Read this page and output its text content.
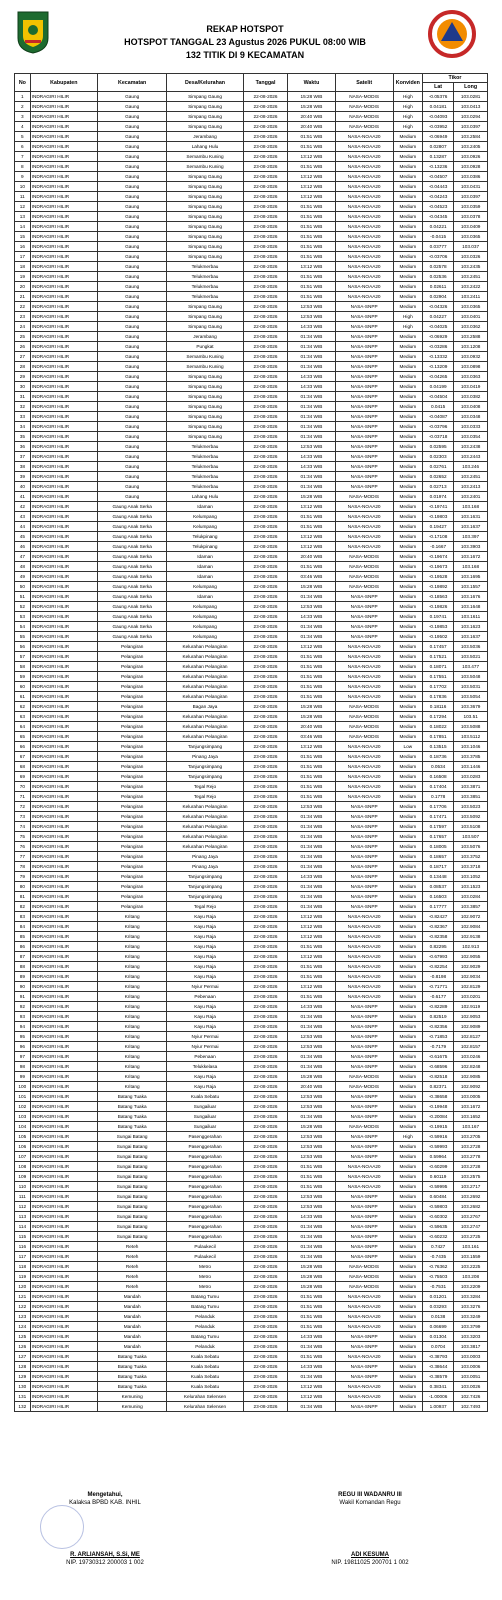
REKAP HOTSPOT
HOTSPOT TANGGAL 23 Agustus 2026 PUKUL 08:00 WIB
132 TITIK DI 9 KECAMATAN
No	Kabupaten	Kecamatan	Desa/Kelurahan	Tanggal	Waktu	Satelit	Konviden	Tikor	
								Lat	Long
1	INDRAGIRI HILIR	Gaung	Simpang Gaung	22-08-2026	15:28 WIB	NASA-MODIS	High	-0.05376	103.0281
2	INDRAGIRI HILIR	Gaung	Simpang Gaung	22-08-2026	15:28 WIB	NASA-MODIS	High	0.04181	103.0413
3	INDRAGIRI HILIR	Gaung	Simpang Gaung	22-08-2026	20:40 WIB	NASA-MODIS	High	-0.04093	103.0294
4	INDRAGIRI HILIR	Gaung	Simpang Gaung	22-08-2026	20:40 WIB	NASA-MODIS	High	-0.03952	103.0397
5	INDRAGIRI HILIR	Gaung	Jerambang	23-08-2026	01:51 WIB	NASA-NOAA20	Medium	-0.06949	103.2584
6	INDRAGIRI HILIR	Gaung	Lahang Hulu	23-08-2026	01:51 WIB	NASA-NOAA20	Medium	0.02807	103.2405
7	INDRAGIRI HILIR	Gaung	Semambu Kuning	22-08-2026	13:12 WIB	NASA-NOAA20	Medium	0.13287	103.0926
8	INDRAGIRI HILIR	Gaung	Semambu Kuning	23-08-2026	01:51 WIB	NASA-NOAA20	Medium	-0.13236	103.0928
9	INDRAGIRI HILIR	Gaung	Simpang Gaung	22-08-2026	13:12 WIB	NASA-NOAA20	Medium	-0.04507	103.0386
10	INDRAGIRI HILIR	Gaung	Simpang Gaung	22-08-2026	13:12 WIB	NASA-NOAA20	Medium	-0.04443	103.0431
11	INDRAGIRI HILIR	Gaung	Simpang Gaung	22-08-2026	13:12 WIB	NASA-NOAA20	Medium	-0.04243	103.0397
12	INDRAGIRI HILIR	Gaung	Simpang Gaung	23-08-2026	01:51 WIB	NASA-NOAA20	Medium	-0.04523	103.0359
13	INDRAGIRI HILIR	Gaung	Simpang Gaung	23-08-2026	01:51 WIB	NASA-NOAA20	Medium	-0.04345	103.0378
14	INDRAGIRI HILIR	Gaung	Simpang Gaung	23-08-2026	01:51 WIB	NASA-NOAA20	Medium	0.04221	103.0409
15	INDRAGIRI HILIR	Gaung	Simpang Gaung	23-08-2026	01:51 WIB	NASA-NOAA20	Medium	-0.0415	103.0365
16	INDRAGIRI HILIR	Gaung	Simpang Gaung	23-08-2026	01:51 WIB	NASA-NOAA20	Medium	0.03777	103.037
17	INDRAGIRI HILIR	Gaung	Simpang Gaung	23-08-2026	01:51 WIB	NASA-NOAA20	Medium	-0.03706	103.0326
18	INDRAGIRI HILIR	Gaung	Telukmerbau	22-08-2026	13:12 WIB	NASA-NOAA20	Medium	0.02578	103.2435
19	INDRAGIRI HILIR	Gaung	Telukmerbau	23-08-2026	01:51 WIB	NASA-NOAA20	Medium	0.02536	103.2451
20	INDRAGIRI HILIR	Gaung	Telukmerbau	23-08-2026	01:51 WIB	NASA-NOAA20	Medium	0.02611	103.2422
21	INDRAGIRI HILIR	Gaung	Telukmerbau	23-08-2026	01:51 WIB	NASA-NOAA20	Medium	0.02904	103.2411
22	INDRAGIRI HILIR	Gaung	Simpang Gaung	22-08-2026	12:53 WIB	NASA-SNPP	Medium	-0.04326	103.0365
23	INDRAGIRI HILIR	Gaung	Simpang Gaung	22-08-2026	12:53 WIB	NASA-SNPP	High	0.04227	103.0401
24	INDRAGIRI HILIR	Gaung	Simpang Gaung	22-08-2026	14:33 WIB	NASA-SNPP	High	-0.04025	103.0362
25	INDRAGIRI HILIR	Gaung	Jerambang	23-08-2026	01:34 WIB	NASA-SNPP	Medium	-0.06929	103.2588
26	INDRAGIRI HILIR	Gaung	Pungkat	23-08-2026	01:34 WIB	NASA-SNPP	Medium	-0.03286	103.1208
27	INDRAGIRI HILIR	Gaung	Semambu Kuning	23-08-2026	01:34 WIB	NASA-SNPP	Medium	-0.13332	103.0932
28	INDRAGIRI HILIR	Gaung	Semambu Kuning	23-08-2026	01:34 WIB	NASA-SNPP	Medium	-0.13209	103.0898
29	INDRAGIRI HILIR	Gaung	Simpang Gaung	22-08-2026	14:33 WIB	NASA-SNPP	Medium	-0.04265	103.0363
30	INDRAGIRI HILIR	Gaung	Simpang Gaung	22-08-2026	14:33 WIB	NASA-SNPP	Medium	0.04199	103.0419
31	INDRAGIRI HILIR	Gaung	Simpang Gaung	23-08-2026	01:34 WIB	NASA-SNPP	Medium	-0.04504	103.0382
32	INDRAGIRI HILIR	Gaung	Simpang Gaung	23-08-2026	01:34 WIB	NASA-SNPP	Medium	0.0415	103.0408
33	INDRAGIRI HILIR	Gaung	Simpang Gaung	23-08-2026	01:34 WIB	NASA-SNPP	Medium	-0.04087	103.0348
34	INDRAGIRI HILIR	Gaung	Simpang Gaung	23-08-2026	01:34 WIB	NASA-SNPP	Medium	-0.03796	103.0333
35	INDRAGIRI HILIR	Gaung	Simpang Gaung	23-08-2026	01:34 WIB	NASA-SNPP	Medium	-0.03718	103.0354
36	INDRAGIRI HILIR	Gaung	Telukmerbau	22-08-2026	12:53 WIB	NASA-SNPP	Medium	0.02595	103.2438
37	INDRAGIRI HILIR	Gaung	Telukmerbau	22-08-2026	14:33 WIB	NASA-SNPP	Medium	0.02303	103.2443
38	INDRAGIRI HILIR	Gaung	Telukmerbau	22-08-2026	14:33 WIB	NASA-SNPP	Medium	0.02761	103.246
39	INDRAGIRI HILIR	Gaung	Telukmerbau	23-08-2026	01:34 WIB	NASA-SNPP	Medium	0.02652	103.2451
40	INDRAGIRI HILIR	Gaung	Telukmerbau	23-08-2026	01:34 WIB	NASA-SNPP	Medium	0.02713	103.2413
41	INDRAGIRI HILIR	Gaung	Lahang Hulu	22-08-2026	15:28 WIB	NASA-MODIS	Medium	0.01974	103.2401
42	INDRAGIRI HILIR	Gaung Anak Serka	Idaman	22-08-2026	13:12 WIB	NASA-NOAA20	Medium	-0.19741	103.168
43	INDRAGIRI HILIR	Gaung Anak Serka	Kelumpang	23-08-2026	01:51 WIB	NASA-NOAA20	Medium	-0.19803	103.1631
44	INDRAGIRI HILIR	Gaung Anak Serka	Kelumpang	23-08-2026	01:51 WIB	NASA-NOAA20	Medium	0.19427	103.1637
45	INDRAGIRI HILIR	Gaung Anak Serka	Telukpinang	23-08-2026	13:12 WIB	NASA-NOAA20	Medium	-0.17108	103.397
46	INDRAGIRI HILIR	Gaung Anak Serka	Telukpinang	22-08-2026	13:12 WIB	NASA-NOAA20	Medium	-0.1667	103.3903
47	INDRAGIRI HILIR	Gaung Anak Serka	Idaman	22-08-2026	20:40 WIB	NASA-MODIS	Medium	-0.19674	103.1672
48	INDRAGIRI HILIR	Gaung Anak Serka	Idaman	23-08-2026	01:51 WIB	NASA-MODIS	Medium	-0.19673	103.168
49	INDRAGIRI HILIR	Gaung Anak Serka	Idaman	23-08-2026	03:46 WIB	NASA-MODIS	Medium	-0.19528	103.1695
50	INDRAGIRI HILIR	Gaung Anak Serka	Kelumpang	22-08-2026	15:28 WIB	NASA-MODIS	Medium	-0.19892	103.1557
51	INDRAGIRI HILIR	Gaung Anak Serka	Idaman	23-08-2026	01:34 WIB	NASA-SNPP	Medium	-0.18563	103.1676
52	INDRAGIRI HILIR	Gaung Anak Serka	Kelumpang	22-08-2026	12:53 WIB	NASA-SNPP	Medium	-0.19826	103.1648
53	INDRAGIRI HILIR	Gaung Anak Serka	Kelumpang	22-08-2026	14:33 WIB	NASA-SNPP	Medium	0.19741	103.1611
54	INDRAGIRI HILIR	Gaung Anak Serka	Kelumpang	23-08-2026	01:34 WIB	NASA-SNPP	Medium	-0.19853	103.1623
55	INDRAGIRI HILIR	Gaung Anak Serka	Kelumpang	23-08-2026	01:34 WIB	NASA-SNPP	Medium	-0.19502	103.1637
56	INDRAGIRI HILIR	Pelangiran	Kelurahan Pelangiran	22-08-2026	13:12 WIB	NASA-NOAA20	Medium	0.17457	103.5036
57	INDRAGIRI HILIR	Pelangiran	Kelurahan Pelangiran	23-08-2026	01:51 WIB	NASA-NOAA20	Medium	0.17521	103.5021
58	INDRAGIRI HILIR	Pelangiran	Kelurahan Pelangiran	23-08-2026	01:51 WIB	NASA-NOAA20	Medium	0.18071	103.477
59	INDRAGIRI HILIR	Pelangiran	Kelurahan Pelangiran	23-08-2026	01:51 WIB	NASA-NOAA20	Medium	0.17551	103.5048
60	INDRAGIRI HILIR	Pelangiran	Kelurahan Pelangiran	23-08-2026	01:51 WIB	NASA-NOAA20	Medium	0.17702	103.5031
61	INDRAGIRI HILIR	Pelangiran	Kelurahan Pelangiran	23-08-2026	01:51 WIB	NASA-NOAA20	Medium	0.17836	103.5054
62	INDRAGIRI HILIR	Pelangiran	Bagan Jaya	22-08-2026	15:28 WIB	NASA-MODIS	Medium	0.18116	103.3679
63	INDRAGIRI HILIR	Pelangiran	Kelurahan Pelangiran	22-08-2026	15:28 WIB	NASA-MODIS	Medium	0.17294	103.51
64	INDRAGIRI HILIR	Pelangiran	Kelurahan Pelangiran	22-08-2026	20:40 WIB	NASA-MODIS	Medium	0.18022	103.5088
65	INDRAGIRI HILIR	Pelangiran	Kelurahan Pelangiran	22-08-2026	03:46 WIB	NASA-MODIS	Medium	0.17851	103.5112
66	INDRAGIRI HILIR	Pelangiran	Tanjungsimpang	22-08-2026	13:12 WIB	NASA-NOAA20	Low	0.13515	103.1046
67	INDRAGIRI HILIR	Pelangiran	Pinang Jaya	23-08-2026	01:51 WIB	NASA-NOAA20	Medium	0.18736	103.3785
68	INDRAGIRI HILIR	Pelangiran	Tanjungsimpang	23-08-2026	01:51 WIB	NASA-NOAA20	Medium	0.0534	103.1446
69	INDRAGIRI HILIR	Pelangiran	Tanjungsimpang	23-08-2026	01:51 WIB	NASA-NOAA20	Medium	0.16508	103.0283
70	INDRAGIRI HILIR	Pelangiran	Tegal Rejo	23-08-2026	01:51 WIB	NASA-NOAA20	Medium	0.17404	103.3871
71	INDRAGIRI HILIR	Pelangiran	Tegal Rejo	23-08-2026	01:51 WIB	NASA-NOAA20	Medium	0.1778	103.3851
72	INDRAGIRI HILIR	Pelangiran	Kelurahan Pelangiran	22-08-2026	12:53 WIB	NASA-SNPP	Medium	0.17706	103.5023
73	INDRAGIRI HILIR	Pelangiran	Kelurahan Pelangiran	23-08-2026	01:34 WIB	NASA-SNPP	Medium	0.17471	103.5092
74	INDRAGIRI HILIR	Pelangiran	Kelurahan Pelangiran	23-08-2026	01:34 WIB	NASA-SNPP	Medium	0.17597	103.5108
75	INDRAGIRI HILIR	Pelangiran	Kelurahan Pelangiran	23-08-2026	01:34 WIB	NASA-SNPP	Medium	0.17657	103.507
76	INDRAGIRI HILIR	Pelangiran	Kelurahan Pelangiran	23-08-2026	01:34 WIB	NASA-SNPP	Medium	0.18005	103.5076
77	INDRAGIRI HILIR	Pelangiran	Pinang Jaya	23-08-2026	01:34 WIB	NASA-SNPP	Medium	0.18657	103.3752
78	INDRAGIRI HILIR	Pelangiran	Pinang Jaya	23-08-2026	01:34 WIB	NASA-SNPP	Medium	0.18717	103.3718
79	INDRAGIRI HILIR	Pelangiran	Tanjungsimpang	22-08-2026	14:33 WIB	NASA-SNPP	Medium	0.13448	103.1052
80	INDRAGIRI HILIR	Pelangiran	Tanjungsimpang	23-08-2026	01:34 WIB	NASA-SNPP	Medium	0.08537	103.1523
81	INDRAGIRI HILIR	Pelangiran	Tanjungsimpang	23-08-2026	01:34 WIB	NASA-SNPP	Medium	0.16503	103.0284
82	INDRAGIRI HILIR	Pelangiran	Tegal Rejo	23-08-2026	01:34 WIB	NASA-SNPP	Medium	0.17777	103.3857
83	INDRAGIRI HILIR	Kritang	Kayu Raja	22-08-2026	13:12 WIB	NASA-NOAA20	Medium	-0.82427	102.9072
84	INDRAGIRI HILIR	Kritang	Kayu Raja	22-08-2026	13:12 WIB	NASA-NOAA20	Medium	-0.82367	102.9084
85	INDRAGIRI HILIR	Kritang	Kayu Raja	22-08-2026	13:12 WIB	NASA-NOAA20	Medium	-0.82358	102.9138
86	INDRAGIRI HILIR	Kritang	Kayu Raja	23-08-2026	01:51 WIB	NASA-NOAA20	Medium	0.82295	102.913
87	INDRAGIRI HILIR	Kritang	Kayu Raja	22-08-2026	13:12 WIB	NASA-NOAA20	Medium	-0.67993	102.9055
88	INDRAGIRI HILIR	Kritang	Kayu Raja	23-08-2026	01:51 WIB	NASA-NOAA20	Medium	-0.82254	102.9029
89	INDRAGIRI HILIR	Kritang	Kayu Raja	23-08-2026	01:51 WIB	NASA-NOAA20	Medium	-0.8198	102.9034
90	INDRAGIRI HILIR	Kritang	Nyiur Permai	22-08-2026	13:12 WIB	NASA-NOAA20	Medium	-0.71771	102.8129
91	INDRAGIRI HILIR	Kritang	Pebenaan	23-08-2026	01:51 WIB	NASA-NOAA20	Medium	-0.6177	103.0201
92	INDRAGIRI HILIR	Kritang	Kayu Raja	22-08-2026	14:33 WIB	NASA-SNPP	Medium	-0.82289	102.9119
93	INDRAGIRI HILIR	Kritang	Kayu Raja	23-08-2026	01:34 WIB	NASA-SNPP	Medium	0.82519	102.9053
94	INDRAGIRI HILIR	Kritang	Kayu Raja	23-08-2026	01:34 WIB	NASA-SNPP	Medium	-0.82356	102.9089
95	INDRAGIRI HILIR	Kritang	Nyiur Permai	22-08-2026	12:53 WIB	NASA-SNPP	Medium	-0.71853	102.8127
96	INDRAGIRI HILIR	Kritang	Nyiur Permai	22-08-2026	12:53 WIB	NASA-SNPP	Medium	-0.7179	102.8157
97	INDRAGIRI HILIR	Kritang	Pebenaan	23-08-2026	01:34 WIB	NASA-SNPP	Medium	-0.61675	103.0246
98	INDRAGIRI HILIR	Kritang	Telukkelasa	23-08-2026	01:34 WIB	NASA-SNPP	Medium	-0.68596	102.8248
99	INDRAGIRI HILIR	Kritang	Kayu Raja	22-08-2026	15:28 WIB	NASA-MODIS	Medium	-0.82518	102.9085
100	INDRAGIRI HILIR	Kritang	Kayu Raja	22-08-2026	20:40 WIB	NASA-MODIS	Medium	0.82371	102.9092
101	INDRAGIRI HILIR	Batang Tuaka	Kuala Sebatu	22-08-2026	12:53 WIB	NASA-SNPP	Medium	-0.38658	103.0005
102	INDRAGIRI HILIR	Batang Tuaka	Sungailuar	22-08-2026	12:53 WIB	NASA-SNPP	Medium	-0.19948	103.1672
103	INDRAGIRI HILIR	Batang Tuaka	Sungailuar	23-08-2026	01:34 WIB	NASA-SNPP	Medium	-0.20084	103.1652
104	INDRAGIRI HILIR	Batang Tuaka	Sungailuar	22-08-2026	15:28 WIB	NASA-MODIS	Medium	-0.19915	103.167
105	INDRAGIRI HILIR	Sungai Batang	Pasenggerahan	22-08-2026	12:53 WIB	NASA-SNPP	High	-0.59916	103.2705
106	INDRAGIRI HILIR	Sungai Batang	Pasenggerahan	22-08-2026	12:53 WIB	NASA-SNPP	Medium	-0.59993	103.2728
107	INDRAGIRI HILIR	Sungai Batang	Pasenggerahan	22-08-2026	12:53 WIB	NASA-SNPP	Medium	0.59964	103.2778
108	INDRAGIRI HILIR	Sungai Batang	Pasenggerahan	23-08-2026	01:51 WIB	NASA-NOAA20	Medium	-0.60299	103.2728
109	INDRAGIRI HILIR	Sungai Batang	Pasenggerahan	23-08-2026	01:51 WIB	NASA-NOAA20	Medium	0.60119	103.2575
110	INDRAGIRI HILIR	Sungai Batang	Pasenggerahan	23-08-2026	01:51 WIB	NASA-NOAA20	Medium	-0.59995	103.2717
111	INDRAGIRI HILIR	Sungai Batang	Pasenggerahan	22-08-2026	12:53 WIB	NASA-SNPP	Medium	0.60484	103.2692
112	INDRAGIRI HILIR	Sungai Batang	Pasenggerahan	22-08-2026	12:53 WIB	NASA-SNPP	Medium	-0.59803	103.2682
113	INDRAGIRI HILIR	Sungai Batang	Pasenggerahan	22-08-2026	14:33 WIB	NASA-SNPP	Medium	-0.60302	103.2767
114	INDRAGIRI HILIR	Sungai Batang	Pasenggerahan	23-08-2026	01:34 WIB	NASA-SNPP	Medium	-0.59635	103.2747
115	INDRAGIRI HILIR	Sungai Batang	Pasenggerahan	23-08-2026	01:34 WIB	NASA-SNPP	Medium	-0.60232	103.2725
116	INDRAGIRI HILIR	Reteh	Pulaukecil	23-08-2026	01:34 WIB	NASA-SNPP	Medium	0.7427	103.161
117	INDRAGIRI HILIR	Reteh	Pulaukecil	23-08-2026	01:34 WIB	NASA-SNPP	Medium	-0.7435	103.1559
118	INDRAGIRI HILIR	Reteh	Metro	22-08-2026	15:28 WIB	NASA-MODIS	Medium	-0.76362	103.2225
119	INDRAGIRI HILIR	Reteh	Metro	22-08-2026	15:28 WIB	NASA-MODIS	Medium	-0.75503	103.208
120	INDRAGIRI HILIR	Reteh	Metro	22-08-2026	15:28 WIB	NASA-MODIS	Medium	-0.7531	103.2209
121	INDRAGIRI HILIR	Mandah	Batang Tumu	23-08-2026	01:51 WIB	NASA-NOAA20	Medium	0.01201	103.3284
122	INDRAGIRI HILIR	Mandah	Batang Tumu	23-08-2026	01:51 WIB	NASA-NOAA20	Medium	0.03293	103.3276
123	INDRAGIRI HILIR	Mandah	Pelanduk	23-08-2026	01:51 WIB	NASA-NOAA20	Medium	0.0138	103.3249
124	INDRAGIRI HILIR	Mandah	Pelanduk	23-08-2026	01:51 WIB	NASA-NOAA20	Medium	0.06699	103.3799
125	INDRAGIRI HILIR	Mandah	Batang Tumu	22-08-2026	14:33 WIB	NASA-SNPP	Medium	0.01304	103.3203
126	INDRAGIRI HILIR	Mandah	Pelanduk	23-08-2026	01:34 WIB	NASA-SNPP	Medium	0.0704	103.3817
127	INDRAGIRI HILIR	Batang Tuaka	Kuala Sebatu	22-08-2026	01:51 WIB	NASA-NOAA20	Medium	-0.38793	103.0003
128	INDRAGIRI HILIR	Batang Tuaka	Kuala Sebatu	22-08-2026	14:33 WIB	NASA-SNPP	Medium	-0.38644	103.0006
129	INDRAGIRI HILIR	Batang Tuaka	Kuala Sebatu	23-08-2026	01:34 WIB	NASA-SNPP	Medium	-0.38579	103.0051
130	INDRAGIRI HILIR	Batang Tuaka	Kuala Sebatu	23-08-2026	13:12 WIB	NASA-NOAA20	Medium	0.38341	103.0026
131	INDRAGIRI HILIR	Kemuning	Kelurahan Selensen	22-08-2026	13:12 WIB	NASA-NOAA20	Medium	-1.00006	102.7426
132	INDRAGIRI HILIR	Kemuning	Kelurahan Selensen	23-08-2026	01:34 WIB	NASA-SNPP	Medium	1.00937	102.7493
Mengetahui,
Kalaksa BPBD KAB. INHIL
R. ARLIANSAH, S.Si, ME
NIP. 19730312 200003 1 002
REGU III WADANRU III
Wakil Komandan Regu
ADI KESUMA
NIP. 19811025 200701 1 002
